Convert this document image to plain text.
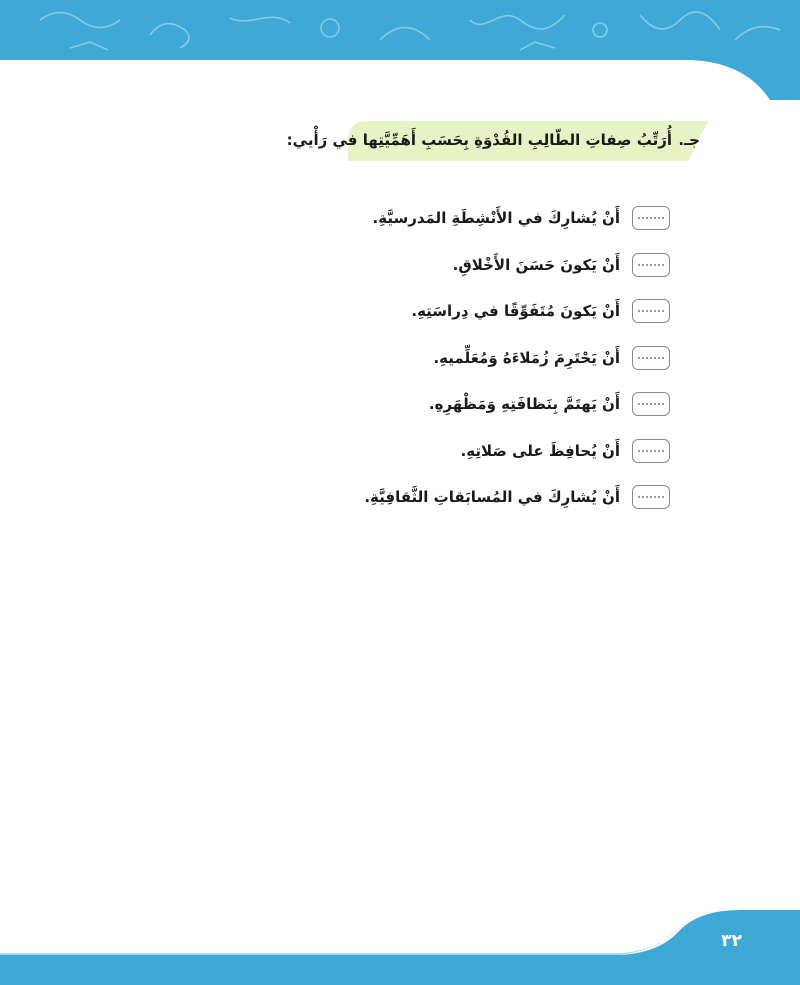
أُرَتِّبُ صِفاتِ الطّالِبِ القُدْوَةِ بِحَسَبِ أَهَمِّيَّتِها في رَأْيي: جـ.
أَنْ يُشارِكَ في الأَنْشِطَةِ المَدرسيَّةِ.
أَنْ يَكونَ حَسَنَ الأَخْلاقِ.
أَنْ يَكونَ مُتَفَوِّقًا في دِراسَتِهِ.
أَنْ يَحْتَرِمَ زُمَلاءَهُ وَمُعَلِّميهِ.
أَنْ يَهتَمَّ بِنَظافَتِهِ وَمَظْهَرِهِ.
أَنْ يُحافِظَ على صَلاتِهِ.
أَنْ يُشارِكَ في المُسابَقاتِ الثَّقافِيَّةِ.
٣٢
